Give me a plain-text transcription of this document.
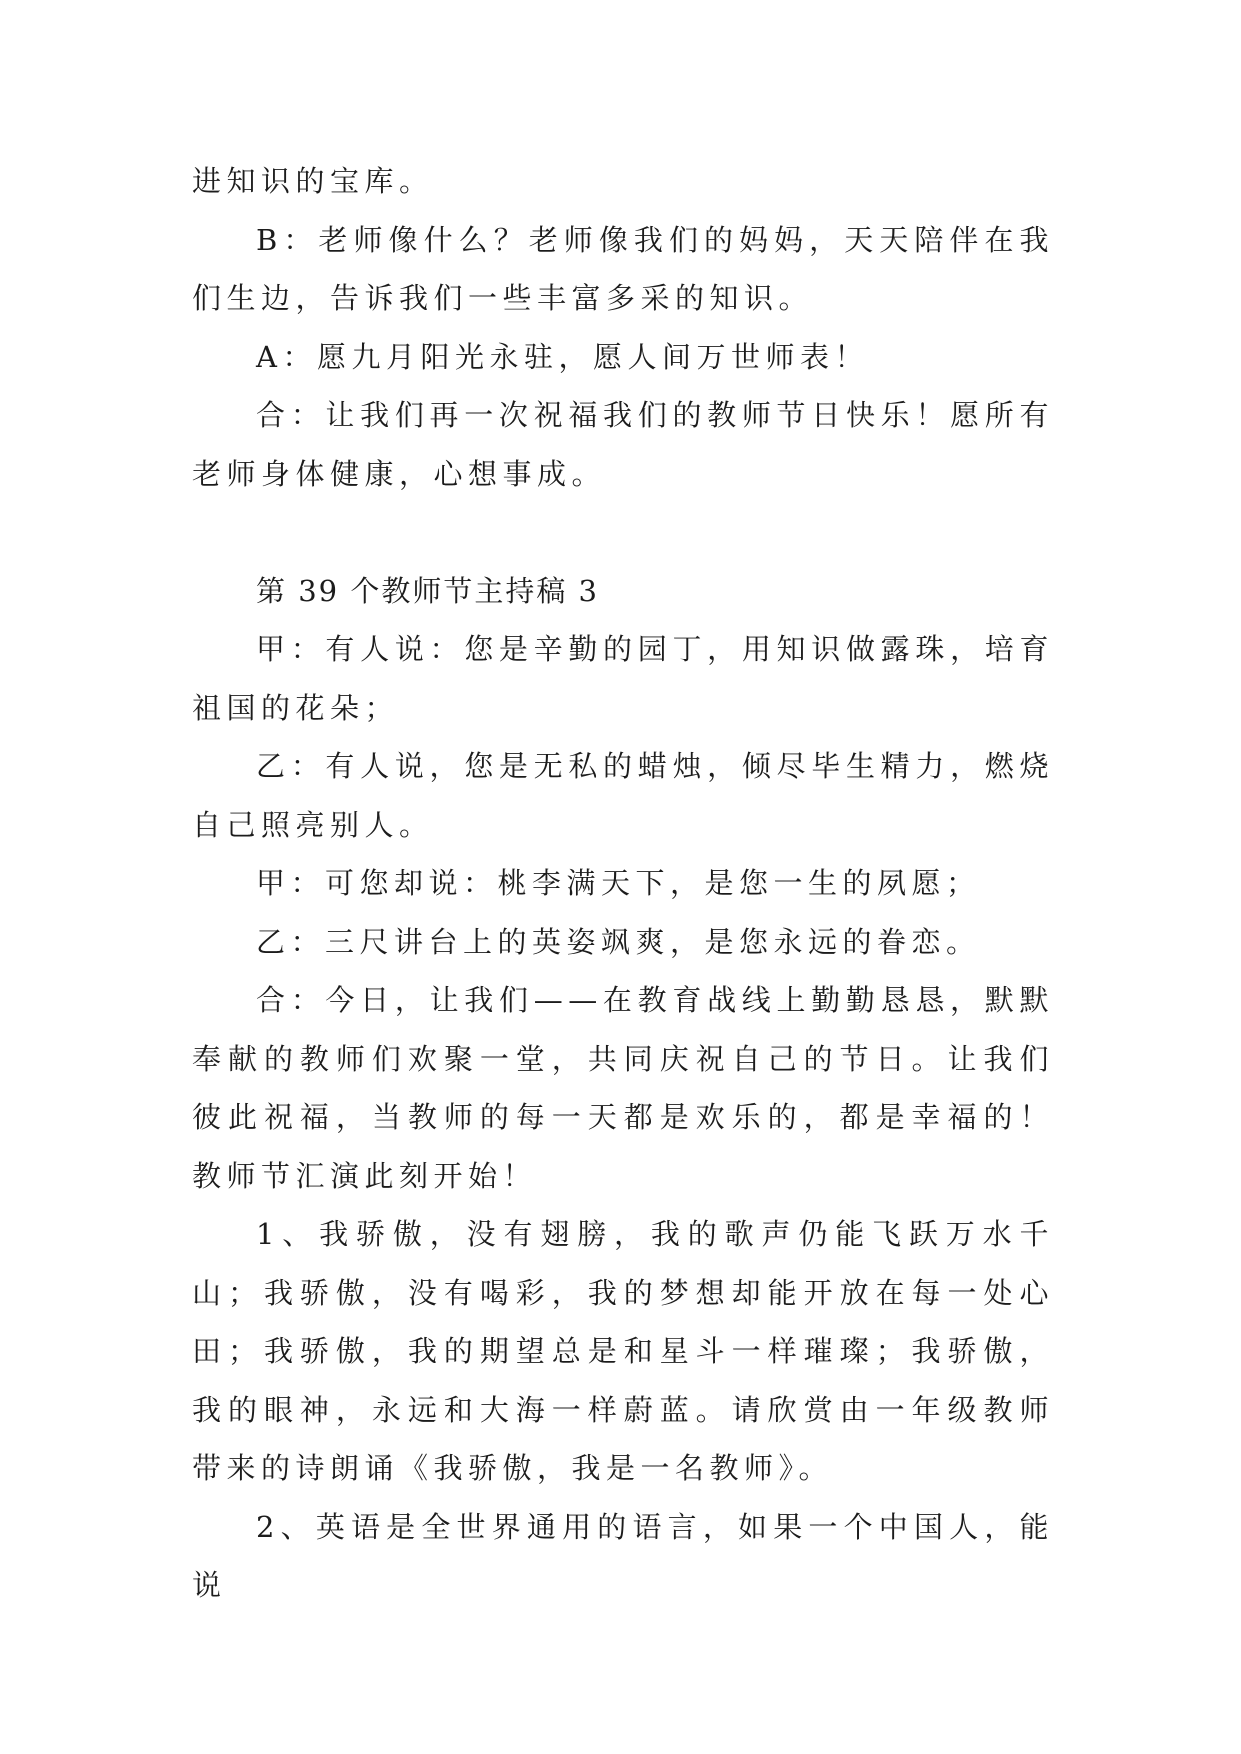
进知识的宝库。

B：老师像什么？老师像我们的妈妈，天天陪伴在我们生边，告诉我们一些丰富多采的知识。

A：愿九月阳光永驻，愿人间万世师表！

合：让我们再一次祝福我们的教师节日快乐！愿所有老师身体健康，心想事成。

第 39 个教师节主持稿 3

甲：有人说：您是辛勤的园丁，用知识做露珠，培育祖国的花朵；

乙：有人说，您是无私的蜡烛，倾尽毕生精力，燃烧自己照亮别人。

甲：可您却说：桃李满天下，是您一生的夙愿；

乙：三尺讲台上的英姿飒爽，是您永远的眷恋。

合：今日，让我们——在教育战线上勤勤恳恳，默默奉献的教师们欢聚一堂，共同庆祝自己的节日。让我们彼此祝福，当教师的每一天都是欢乐的，都是幸福的！教师节汇演此刻开始！

1、我骄傲，没有翅膀，我的歌声仍能飞跃万水千山；我骄傲，没有喝彩，我的梦想却能开放在每一处心田；我骄傲，我的期望总是和星斗一样璀璨；我骄傲，我的眼神，永远和大海一样蔚蓝。请欣赏由一年级教师带来的诗朗诵《我骄傲，我是一名教师》。

2、英语是全世界通用的语言，如果一个中国人，能说
